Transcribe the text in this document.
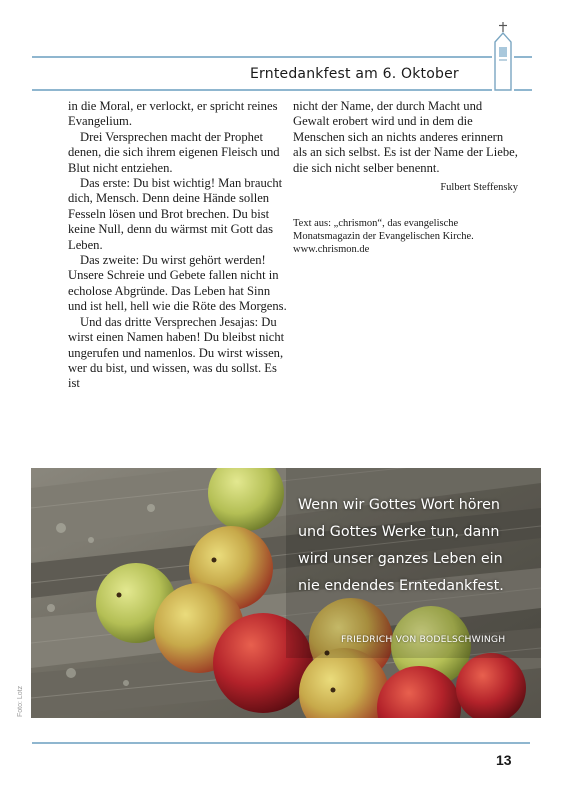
Erntedankfest am 6. Oktober

in die Moral, er verlockt, er spricht reines Evangelium.

Drei Versprechen macht der Prophet denen, die sich ihrem eigenen Fleisch und Blut nicht entziehen.

Das erste: Du bist wichtig! Man braucht dich, Mensch. Denn deine Hände sollen Fesseln lösen und Brot brechen. Du bist keine Null, denn du wärmst mit Gott das Leben.

Das zweite: Du wirst gehört werden! Unsere Schreie und Gebete fallen nicht in echolose Abgründe. Das Leben hat Sinn und ist hell, hell wie die Röte des Morgens.

Und das dritte Versprechen Jesajas: Du wirst einen Namen haben! Du bleibst nicht ungerufen und namenlos. Du wirst wissen, wer du bist, und wissen, was du sollst. Es ist

nicht der Name, der durch Macht und Gewalt erobert wird und in dem die Menschen sich an nichts anderes erinnern als an sich selbst. Es ist der Name der Liebe, die sich nicht selber benennt.

Fulbert Steffensky
Text aus: „chrismon“, das evangelische Monatsmagazin der Evangelischen Kirche. www.chrismon.de
Wenn wir Gottes Wort hören
und Gottes Werke tun, dann
wird unser ganzes Leben ein
nie endendes Erntedankfest.
FRIEDRICH VON BODELSCHWINGH
Foto: Lotz
13
